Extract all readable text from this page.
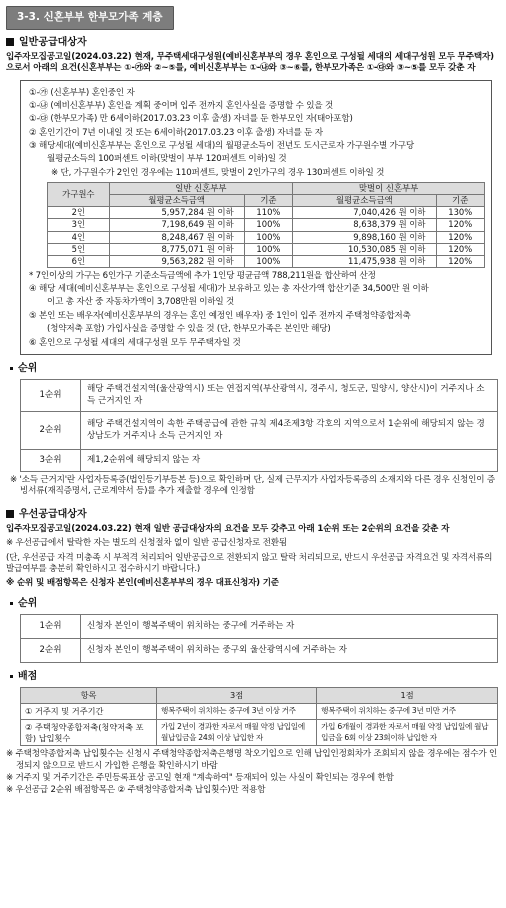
3-3. 신혼부부 한부모가족 계층
일반공급대상자
입주자모집공고일(2024.03.22) 현재, 무주택세대구성원(예비신혼부부의 경우 혼인으로 구성될 세대의 세대구성원 모두 무주택자)으로서 아래의 요건(신혼부부는 ①-㉮와 ②~⑤를, 예비신혼부부는 ①-㉯와 ③~⑥를, 한부모가족은 ①-㉰와 ③~⑤를 모두 갖춘 자
①-㉮ (신혼부부) 혼인중인 자
①-㉯ (예비신혼부부) 혼인을 계획 중이며 입주 전까지 혼인사실을 증명할 수 있을 것
①-㉰ (한부모가족) 만 6세이하(2017.03.23 이후 출생) 자녀를 둔 한부모인 자(태아포함)
② 혼인기간이 7년 이내일 것 또는 6세이하(2017.03.23 이후 출생) 자녀를 둔 자
③ 해당세대(예비신혼부부는 혼인으로 구성될 세대)의 월평균소득이 전년도 도시근로자 가구원수별 가구당
월평균소득의 100퍼센트 이하(맞벌이 부부 120퍼센트 이하)일 것
※ 단, 가구원수가 2인인 경우에는 110퍼센트, 맞벌이 2인가구의 경우 130퍼센트 이하일 것
가구원수	일반 신혼부부		맞벌이 신혼부부	
	월평균소득금액	기준	월평균소득금액	기준
2인	5,957,284 원 이하	110%	7,040,426 원 이하	130%
3인	7,198,649 원 이하	100%	8,638,379 원 이하	120%
4인	8,248,467 원 이하	100%	9,898,160 원 이하	120%
5인	8,775,071 원 이하	100%	10,530,085 원 이하	120%
6인	9,563,282 원 이하	100%	11,475,938 원 이하	120%
* 7인이상의 가구는 6인가구 기준소득금액에 추가 1인당 평균금액 788,211원을 합산하여 산정
④ 해당 세대(예비신혼부부는 혼인으로 구성될 세대)가 보유하고 있는 총 자산가액 합산기준 34,500만 원 이하
이고 총 자산 중 자동차가액이 3,708만원 이하일 것
⑤ 본인 또는 배우자(예비신혼부부의 경우는 혼인 예정인 배우자) 중 1인이 입주 전까지 주택청약종합저축
(청약저축 포함) 가입사실을 증명할 수 있을 것 (단, 한부모가족은 본인만 해당)
⑥ 혼인으로 구성될 세대의 세대구성원 모두 무주택자일 것
순위
1순위	해당 주택건설지역(울산광역시) 또는 연접지역(부산광역시, 경주시, 청도군, 밀양시, 양산시)이 거주지나 소득 근거지인 자
2순위	해당 주택건설지역이 속한 주택공급에 관한 규칙 제4조제3항 각호의 지역으로서 1순위에 해당되지 않는 경상남도가 거주지나 소득 근거지인 자
3순위	제1,2순위에 해당되지 않는 자
※ '소득 근거지'란 사업자등록증(법인등기부등본 등)으로 확인하며 단, 실제 근무지가 사업자등록증의 소재지와 다른 경우 신청인이 증빙서류(재직증명서, 근로계약서 등)를 추가 제출할 경우에 인정함
우선공급대상자
입주자모집공고일(2024.03.22) 현재 일반 공급대상자의 요건을 모두 갖추고 아래 1순위 또는 2순위의 요건을 갖춘 자
※ 우선공급에서 탈락한 자는 별도의 신청절차 없이 일반 공급신청자로 전환됨
(단, 우선공급 자격 미충족 시 부적격 처리되어 일반공급으로 전환되지 않고 탈락 처리되므로, 반드시 우선공급 자격요건 및 자격서류의 발급여부를 충분히 확인하시고 접수하시기 바랍니다.)
※ 순위 및 배점항목은 신청자 본인(예비신혼부부의 경우 대표신청자) 기준
순위
1순위	신청자 본인이 행복주택이 위치하는 중구에 거주하는 자
2순위	신청자 본인이 행복주택이 위치하는 중구외 울산광역시에 거주하는 자
배점
항목	3점	1점
① 거주지 및 거주기간	행복주택이 위치하는 중구에 3년 이상 거주	행복주택이 위치하는 중구에 3년 미만 거주
② 주택청약종합저축(청약저축 포함) 납입횟수	가입 2년이 경과한 자로서 매월 약정 납입일에 월납입금을 24회 이상 납입한 자	가입 6개월이 경과한 자로서 매월 약정 납입일에 월납입금을 6회 이상 23회이하 납입한 자
※ 주택청약종합저축 납입횟수는 신청시 주택청약종합저축은행명 착오기입으로 인해 납입인정회차가 조회되지 않을 경우에는 점수가 인정되지 않으므로 반드시 가입한 은행을 확인하시기 바람
※ 거주지 및 거주기간은 주민등록표상 공고일 현재 "계속하여" 등재되어 있는 사실이 확인되는 경우에 한함
※ 우선공급 2순위 배점항목은 ② 주택청약종합저축 납입횟수)만 적용함
